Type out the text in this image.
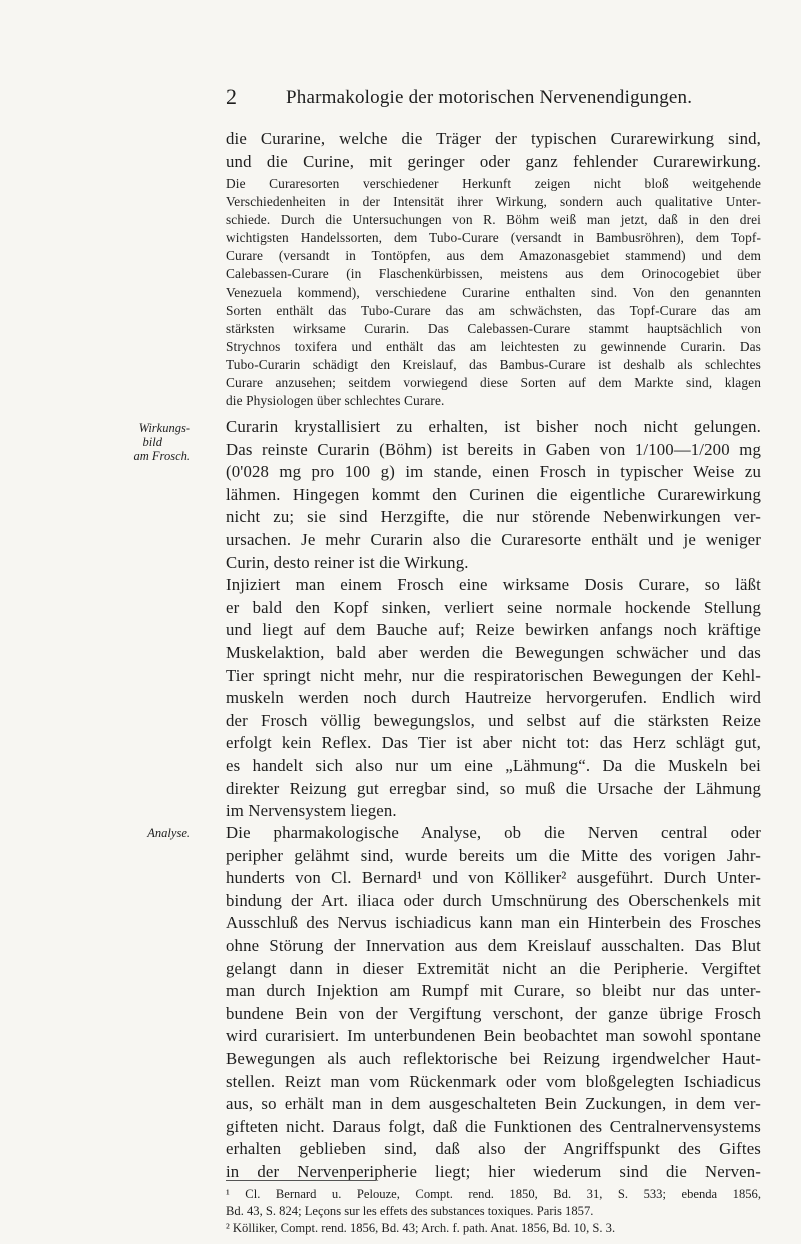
2	Pharmakologie der motorischen Nervenendigungen.
die Curarine, welche die Träger der typischen Curarewirkung sind,
und die Curine, mit geringer oder ganz fehlender Curarewirkung.
Die Curaresorten verschiedener Herkunft zeigen nicht bloß weitgehende
Verschiedenheiten in der Intensität ihrer Wirkung, sondern auch qualitative Unter-
schiede. Durch die Untersuchungen von R. Böhm weiß man jetzt, daß in den drei
wichtigsten Handelssorten, dem Tubo-Curare (versandt in Bambusröhren), dem Topf-
Curare (versandt in Tontöpfen, aus dem Amazonasgebiet stammend) und dem
Calebassen-Curare (in Flaschenkürbissen, meistens aus dem Orinocogebiet über
Venezuela kommend), verschiedene Curarine enthalten sind. Von den genannten
Sorten enthält das Tubo-Curare das am schwächsten, das Topf-Curare das am
stärksten wirksame Curarin. Das Calebassen-Curare stammt hauptsächlich von
Strychnos toxifera und enthält das am leichtesten zu gewinnende Curarin. Das
Tubo-Curarin schädigt den Kreislauf, das Bambus-Curare ist deshalb als schlechtes
Curare anzusehen; seitdem vorwiegend diese Sorten auf dem Markte sind, klagen
die Physiologen über schlechtes Curare.
Wirkungs-
bild
am Frosch.
Curarin krystallisiert zu erhalten, ist bisher noch nicht gelungen.
Das reinste Curarin (Böhm) ist bereits in Gaben von 1/100—1/200 mg
(0'028 mg pro 100 g) im stande, einen Frosch in typischer Weise zu
lähmen. Hingegen kommt den Curinen die eigentliche Curarewirkung
nicht zu; sie sind Herzgifte, die nur störende Nebenwirkungen ver-
ursachen. Je mehr Curarin also die Curaresorte enthält und je weniger
Curin, desto reiner ist die Wirkung.
Injiziert man einem Frosch eine wirksame Dosis Curare, so läßt
er bald den Kopf sinken, verliert seine normale hockende Stellung
und liegt auf dem Bauche auf; Reize bewirken anfangs noch kräftige
Muskelaktion, bald aber werden die Bewegungen schwächer und das
Tier springt nicht mehr, nur die respiratorischen Bewegungen der Kehl-
muskeln werden noch durch Hautreize hervorgerufen. Endlich wird
der Frosch völlig bewegungslos, und selbst auf die stärksten Reize
erfolgt kein Reflex. Das Tier ist aber nicht tot: das Herz schlägt gut,
es handelt sich also nur um eine „Lähmung“. Da die Muskeln bei
direkter Reizung gut erregbar sind, so muß die Ursache der Lähmung
im Nervensystem liegen.
Analyse. Die pharmakologische Analyse, ob die Nerven central oder
peripher gelähmt sind, wurde bereits um die Mitte des vorigen Jahr-
hunderts von Cl. Bernard¹ und von Kölliker² ausgeführt. Durch Unter-
bindung der Art. iliaca oder durch Umschnürung des Oberschenkels mit
Ausschluß des Nervus ischiadicus kann man ein Hinterbein des Frosches
ohne Störung der Innervation aus dem Kreislauf ausschalten. Das Blut
gelangt dann in dieser Extremität nicht an die Peripherie. Vergiftet
man durch Injektion am Rumpf mit Curare, so bleibt nur das unter-
bundene Bein von der Vergiftung verschont, der ganze übrige Frosch
wird curarisiert. Im unterbundenen Bein beobachtet man sowohl spontane
Bewegungen als auch reflektorische bei Reizung irgendwelcher Haut-
stellen. Reizt man vom Rückenmark oder vom bloßgelegten Ischiadicus
aus, so erhält man in dem ausgeschalteten Bein Zuckungen, in dem ver-
gifteten nicht. Daraus folgt, daß die Funktionen des Centralnervensystems
erhalten geblieben sind, daß also der Angriffspunkt des Giftes
in der Nervenperipherie liegt; hier wiederum sind die Nerven-
¹ Cl. Bernard u. Pelouze, Compt. rend. 1850, Bd. 31, S. 533; ebenda 1856,
Bd. 43, S. 824; Leçons sur les effets des substances toxiques. Paris 1857.
² Kölliker, Compt. rend. 1856, Bd. 43; Arch. f. path. Anat. 1856, Bd. 10, S. 3.
